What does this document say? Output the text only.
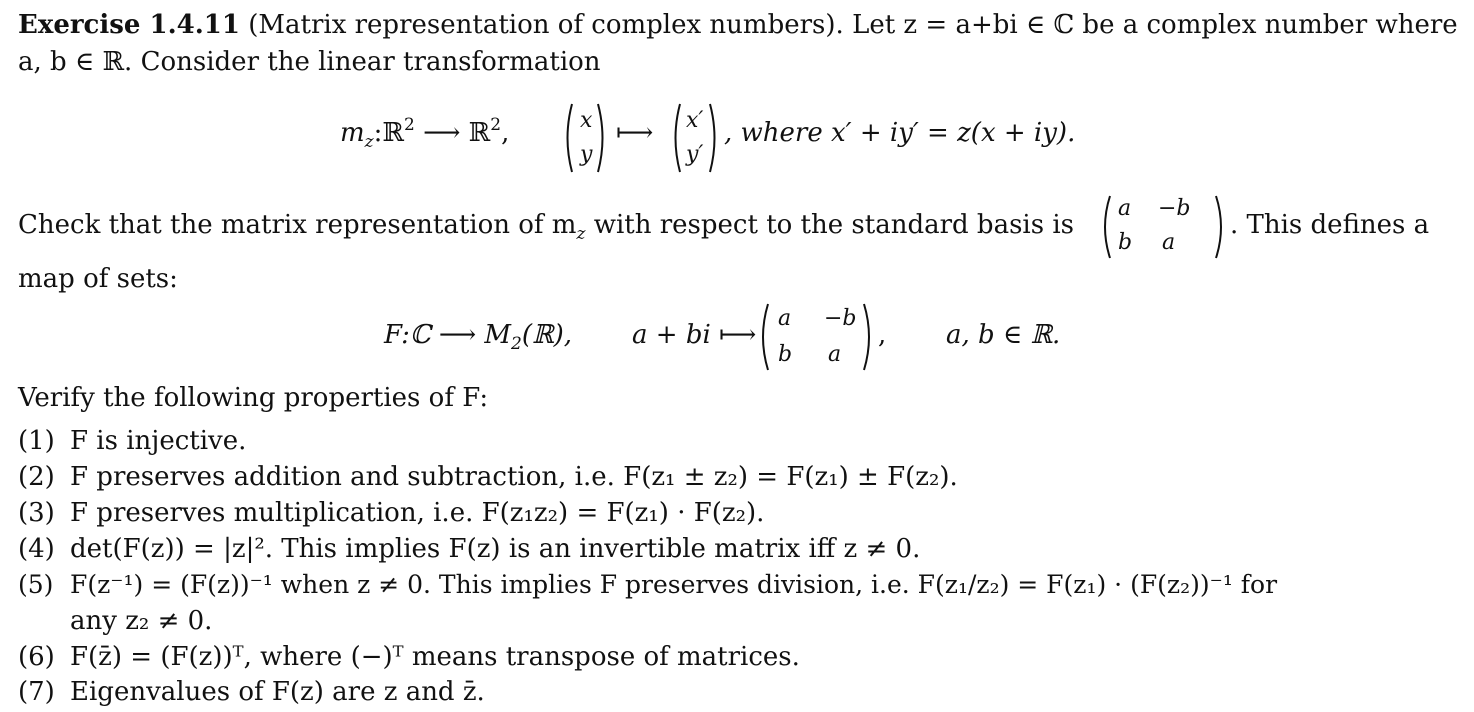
Exercise 1.4.11 (Matrix representation of complex numbers). Let z = a+bi ∈ ℂ be a complex number where
a, b ∈ ℝ. Consider the linear transformation
$m_z:ℝ^2$ ⟶ ℝ$^2$,	x
y
⟼ x′
y′
, where x′ + iy′ = z(x + iy).
Check that the matrix representation of $m_z$ with respect to the standard basis is
a −b
b a
. This defines a
map of sets:
F:ℂ ⟶ $M_2(ℝ)$, a + bi ⟼
a −b
b a
, a, b ∈ ℝ.
Verify the following properties of F:
(1) F is injective.
(2) F preserves addition and subtraction, i.e. F(z₁ ± z₂) = F(z₁) ± F(z₂).
(3) F preserves multiplication, i.e. F(z₁z₂) = F(z₁) · F(z₂).
(4) det(F(z)) = |z|². This implies F(z) is an invertible matrix iff z ≠ 0.
(5) F(z⁻¹) = (F(z))⁻¹ when z ≠ 0. This implies F preserves division, i.e. F(z₁/z₂) = F(z₁) · (F(z₂))⁻¹ for
any z₂ ≠ 0.
(6) F(z̄) = (F(z))ᵀ, where (−)ᵀ means transpose of matrices.
(7) Eigenvalues of F(z) are z and z̄.
